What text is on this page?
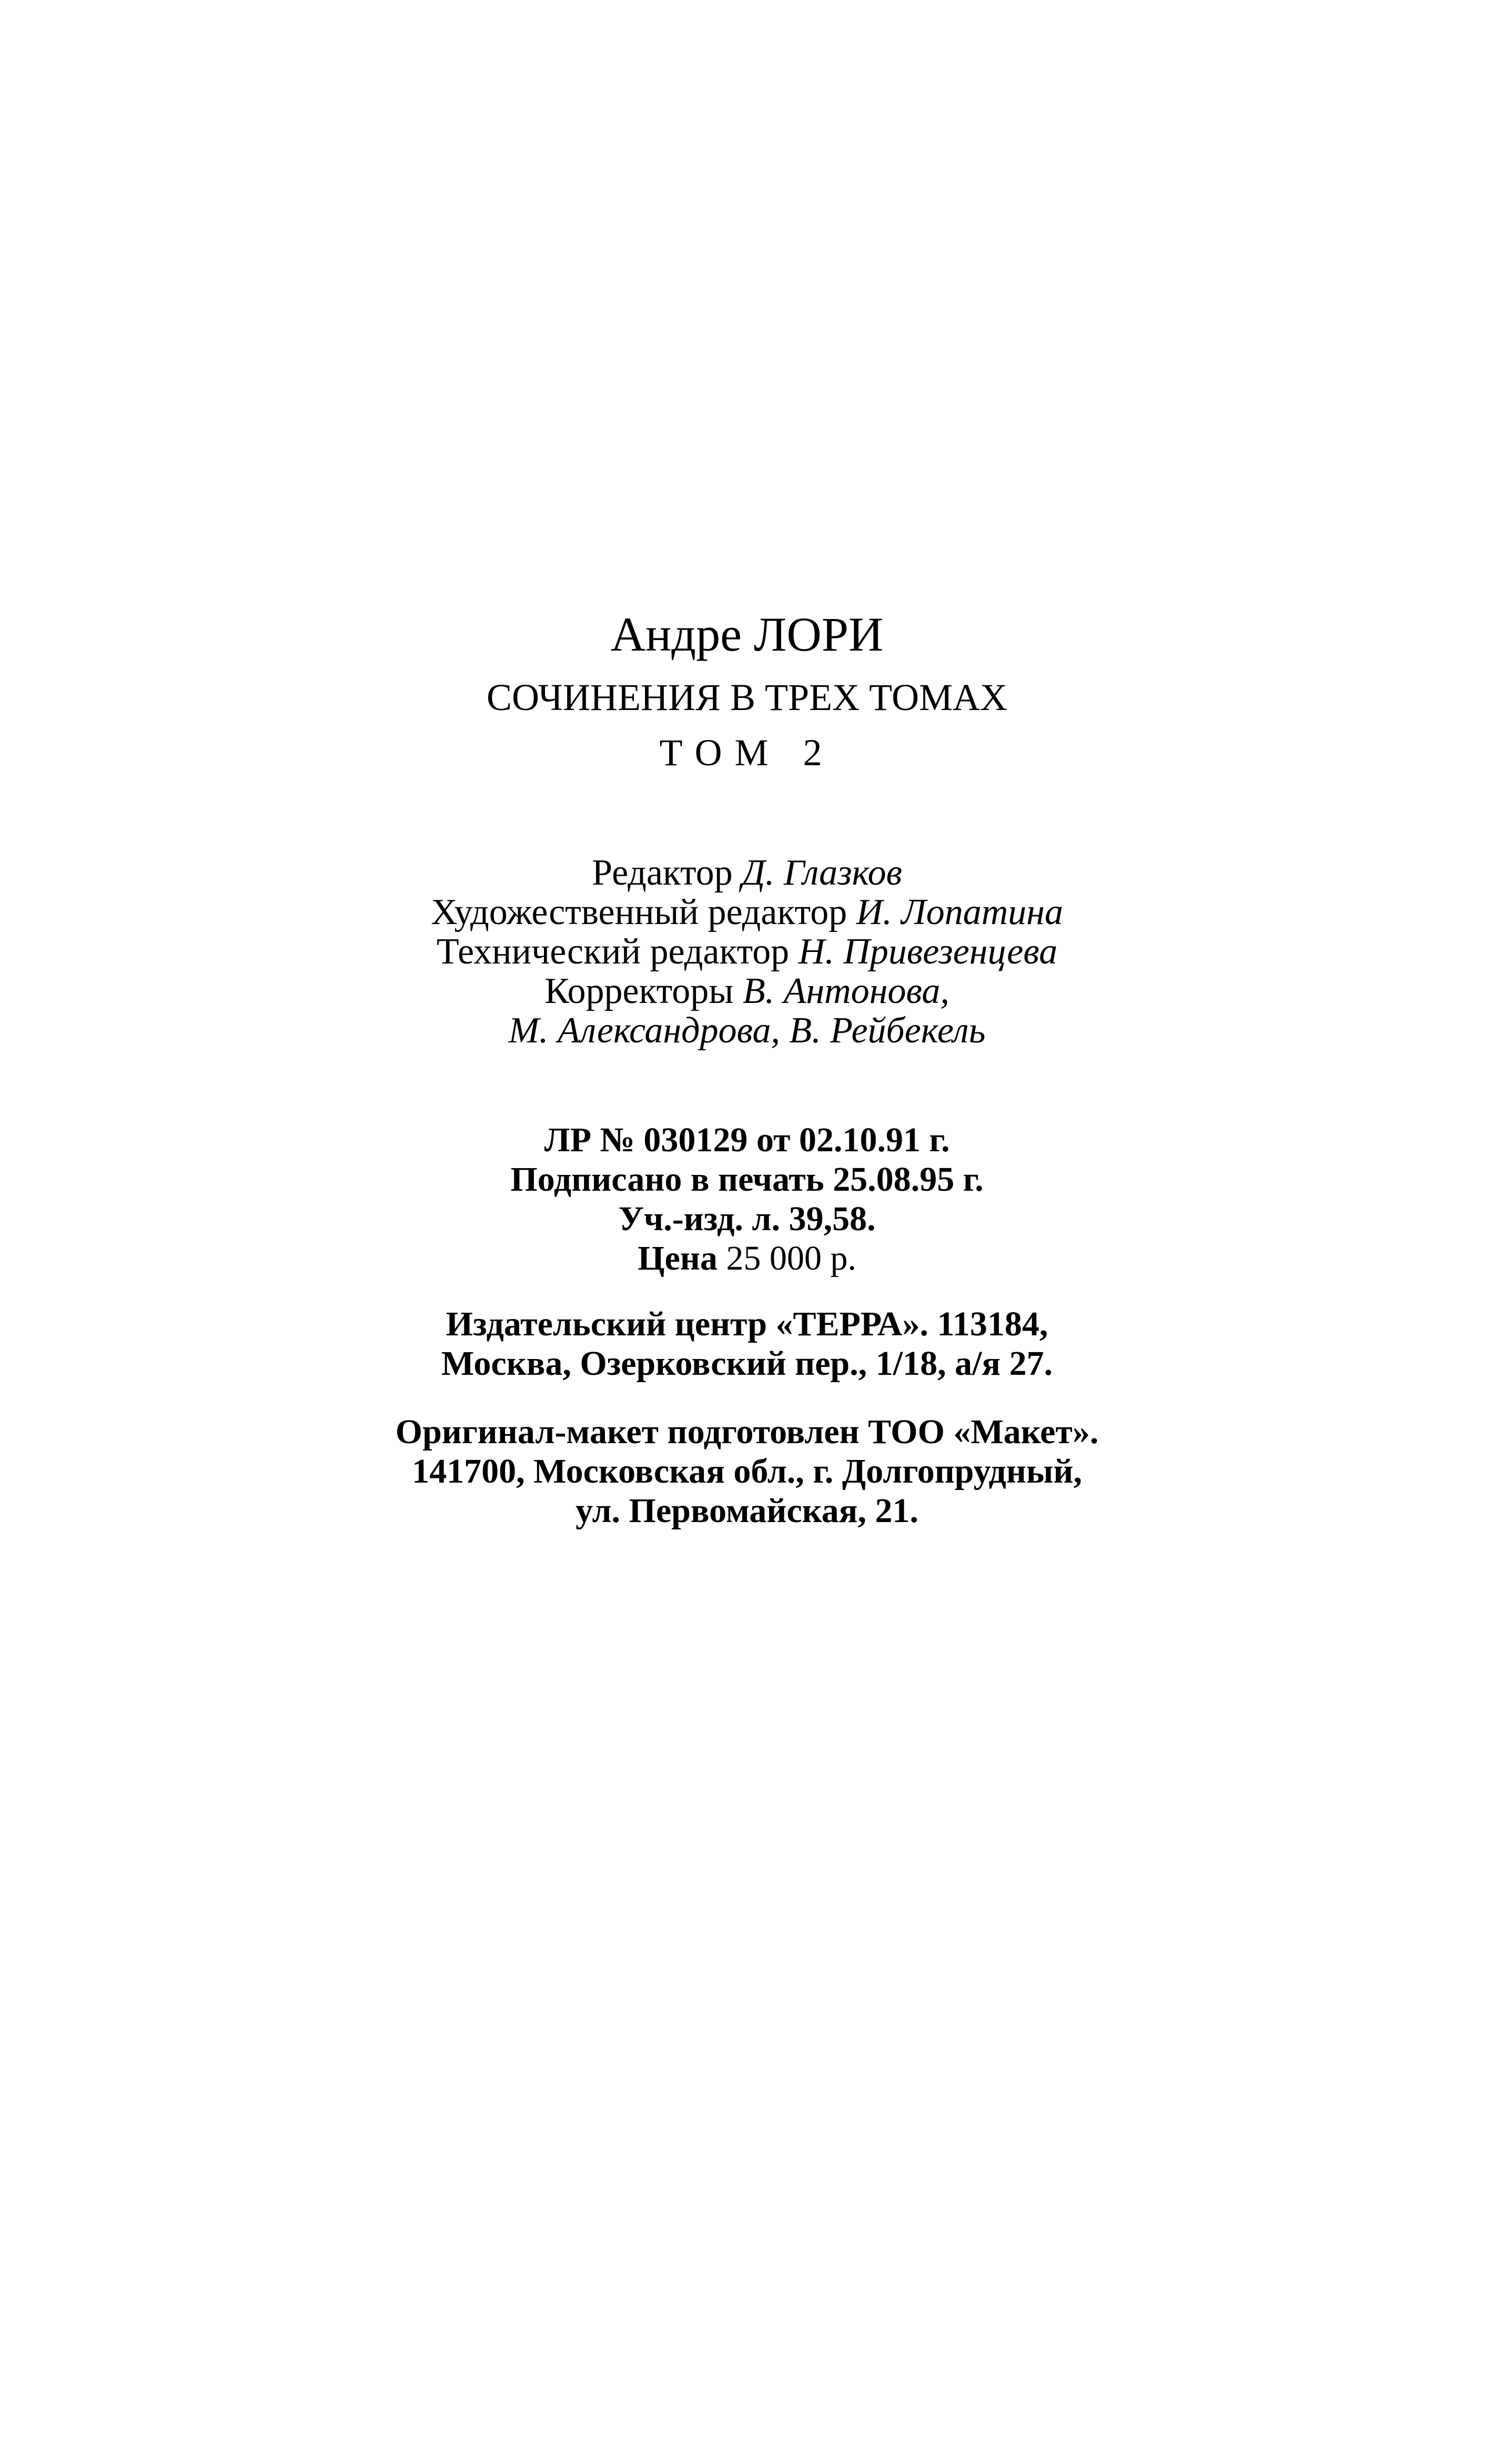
Андре ЛОРИ
СОЧИНЕНИЯ В ТРЕХ ТОМАХ
ТОМ 2
Редактор Д. Глазков
Художественный редактор И. Лопатина
Технический редактор Н. Привезенцева
Корректоры В. Антонова,
М. Александрова, В. Рейбекель
ЛР № 030129 от 02.10.91 г.
Подписано в печать 25.08.95 г.
Уч.-изд. л. 39,58.
Цена 25 000 р.
Издательский центр «ТЕРРА». 113184,
Москва, Озерковский пер., 1/18, а/я 27.
Оригинал-макет подготовлен ТОО «Макет».
141700, Московская обл., г. Долгопрудный,
ул. Первомайская, 21.
